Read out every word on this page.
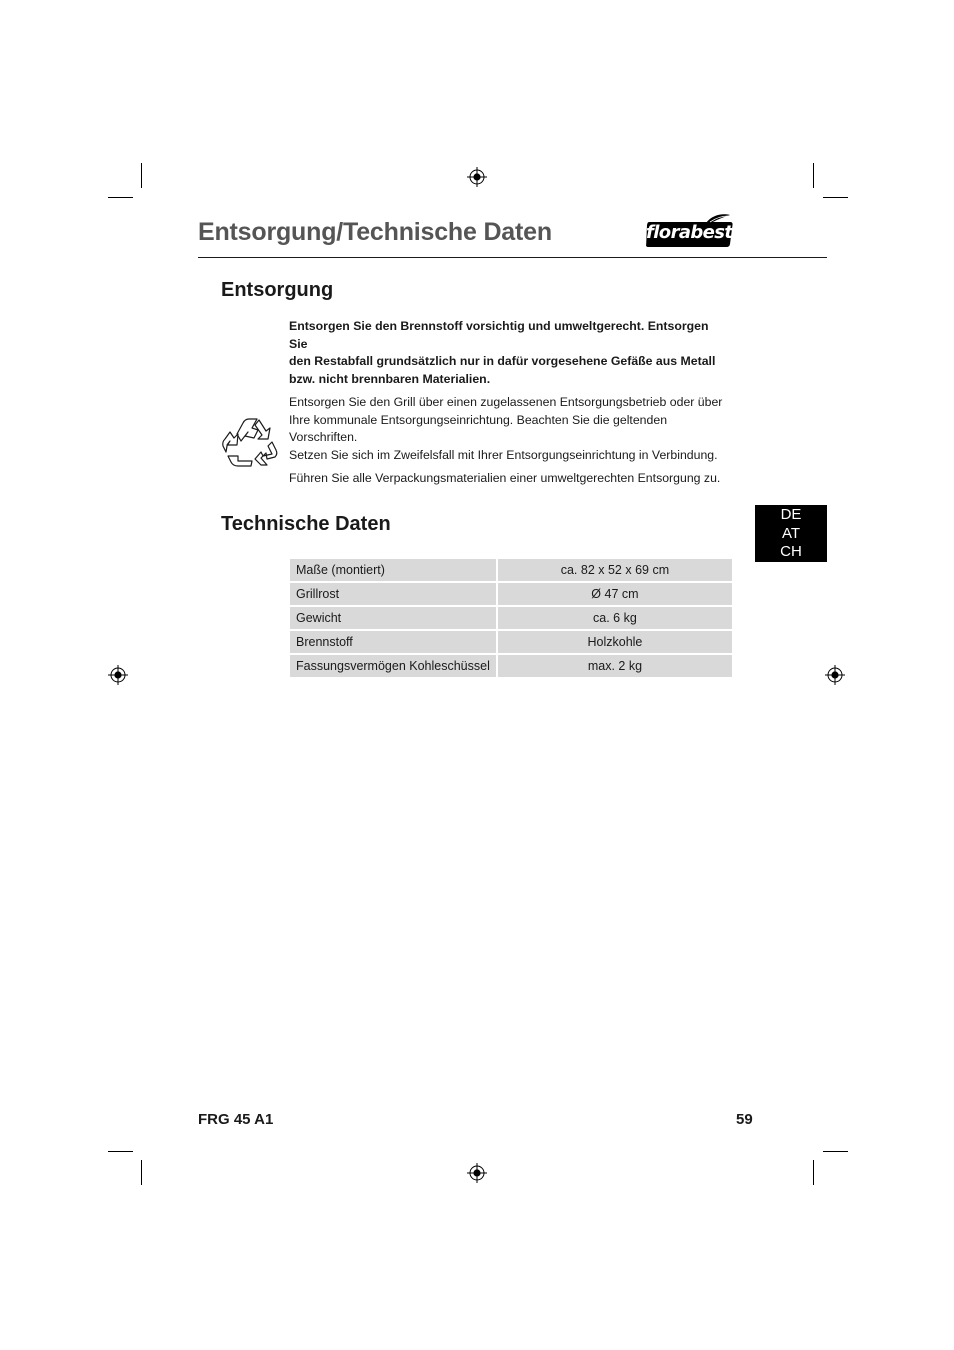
Entsorgung/Technische Daten	florabest
Entsorgung

Entsorgen Sie den Brennstoff vorsichtig und umweltgerecht. Entsorgen Sie

den Restabfall grundsätzlich nur in dafür vorgesehene Gefäße aus Metall

bzw. nicht brennbaren Materialien.

Entsorgen Sie den Grill über einen zugelassenen Entsorgungsbetrieb oder über

Ihre kommunale Entsorgungseinrichtung. Beachten Sie die geltenden Vorschriften.

Setzen Sie sich im Zweifelsfall mit Ihrer Entsorgungseinrichtung in Verbindung.

Führen Sie alle Verpackungsmaterialien einer umweltgerechten Entsorgung zu.

Technische Daten	DE
AT
CH
Maße (montiert)	ca. 82 x 52 x 69 cm
Grillrost	Ø 47 cm
Gewicht	ca. 6 kg
Brennstoff	Holzkohle
Fassungsvermögen Kohleschüssel	max. 2 kg
FRG 45 A1	59
